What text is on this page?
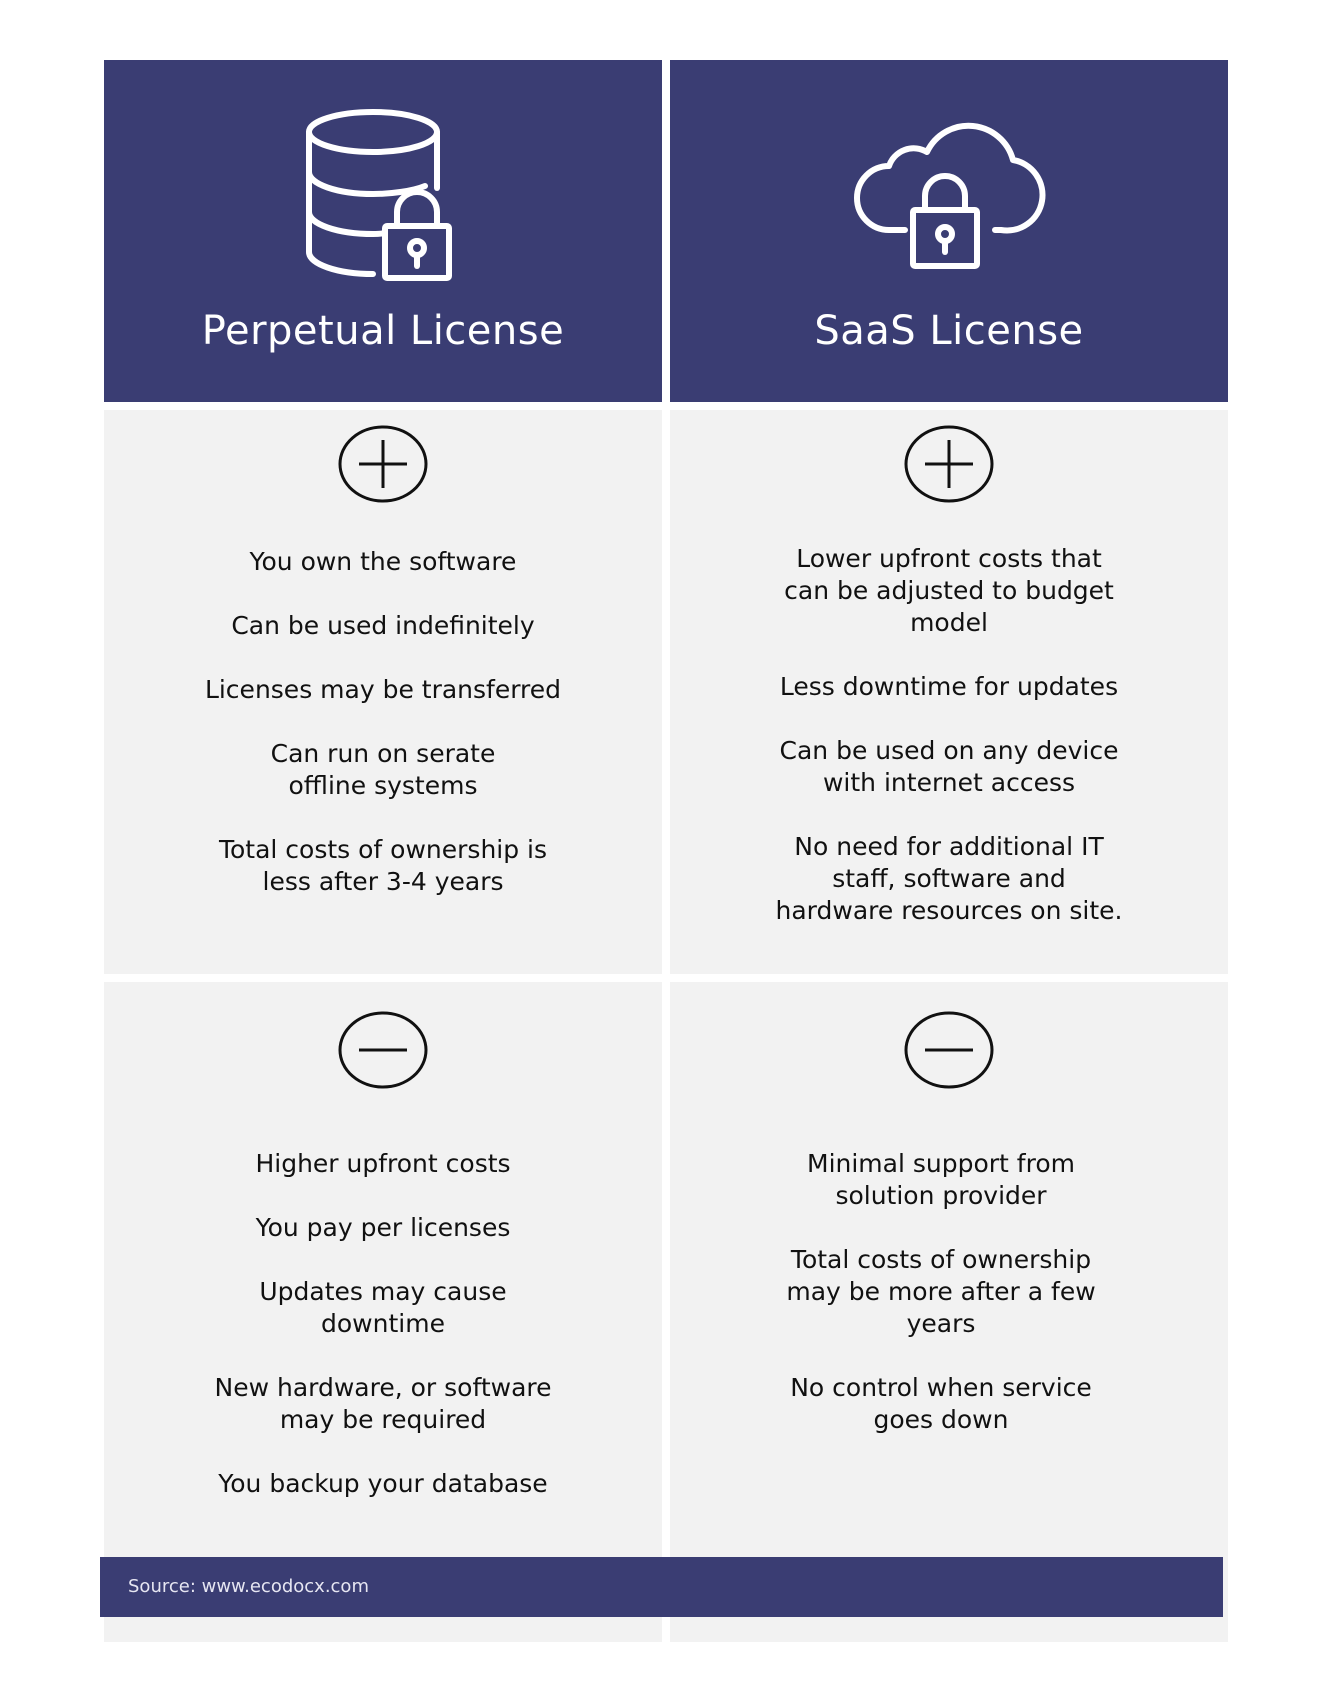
Perpetual License	SaaS License
You own the software
Can be used indefinitely
Licenses may be transferred
Can run on serate offline systems
Total costs of ownership is less after 3-4 years
Lower upfront costs that can be adjusted to budget model
Less downtime for updates
Can be used on any device with internet access
No need for additional IT staff, software and hardware resources on site.
Higher upfront costs
You pay per licenses
Updates may cause downtime
New hardware, or software may be required
You backup your database
Minimal support from solution provider
Total costs of ownership may be more after a few years
No control when service goes down
Source: www.ecodocx.com
